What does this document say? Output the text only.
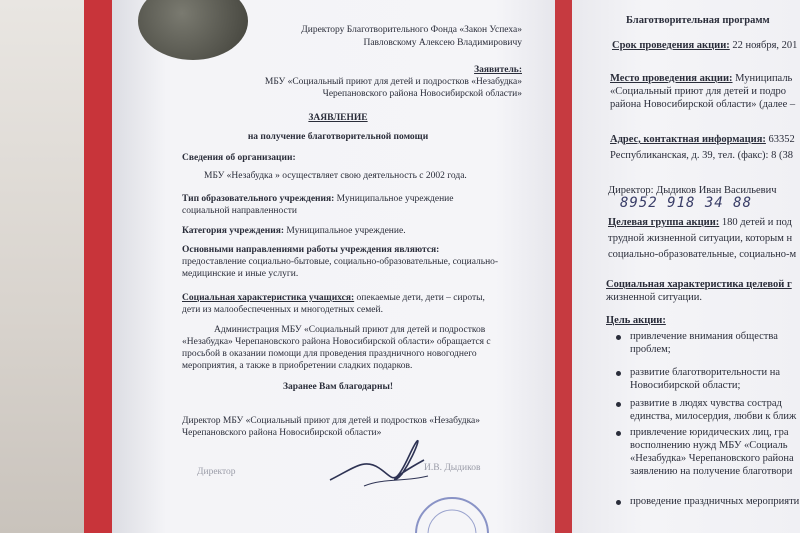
Директору Благотворительного Фонда «Закон Успеха»
Павловскому Алексею Владимировичу
Заявитель:
МБУ «Социальный приют для детей и подростков «Незабудка»
Черепановского района Новосибирской области»
ЗАЯВЛЕНИЕ
на получение благотворительной помощи
Сведения об организации:
МБУ «Незабудка » осуществляет свою деятельность с 2002 года.
Тип образовательного учреждения: Муниципальное учреждение
социальной направленности
Категория учреждения: Муниципальное учреждение.
Основными направлениями работы учреждения являются:
предоставление социально-бытовые, социально-образовательные, социально-
медицинские и иные услуги.
Социальная характеристика учащихся: опекаемые дети, дети – сироты,
дети из малообеспеченных и многодетных семей.
Администрация МБУ «Социальный приют для детей и подростков
«Незабудка» Черепановского района Новосибирской области» обращается с
просьбой в оказании помощи для проведения праздничного новогоднего
мероприятия, а также в приобретении сладких подарков.
Заранее Вам благодарны!
Директор МБУ «Социальный приют для детей и подростков «Незабудка»
Черепановского района Новосибирской области»
Директор	И.В. Дыдиков
Благотворительная программ
Срок проведения акции: 22 ноября, 201
Место проведения акции: Муниципаль
«Социальный приют для детей и подро
района Новосибирской области» (далее –
Адрес, контактная информация: 63352
Республиканская, д. 39, тел. (факс): 8 (38
Директор: Дыдиков Иван Васильевич
8952 918 34 88
Целевая группа акции: 180 детей и под
трудной жизненной ситуации, которым н
социально-образовательные, социально-м
Социальная характеристика целевой г
жизненной ситуации.
Цель акции:
привлечение внимания общества
проблем;
развитие благотворительности на
Новосибирской области;
развитие в людях чувства сострад
единства, милосердия, любви к ближ
привлечение юридических лиц, гра
восполнению нужд МБУ «Социаль
«Незабудка» Черепановского района
заявлению на получение благотвори
проведение праздничных мероприяти
